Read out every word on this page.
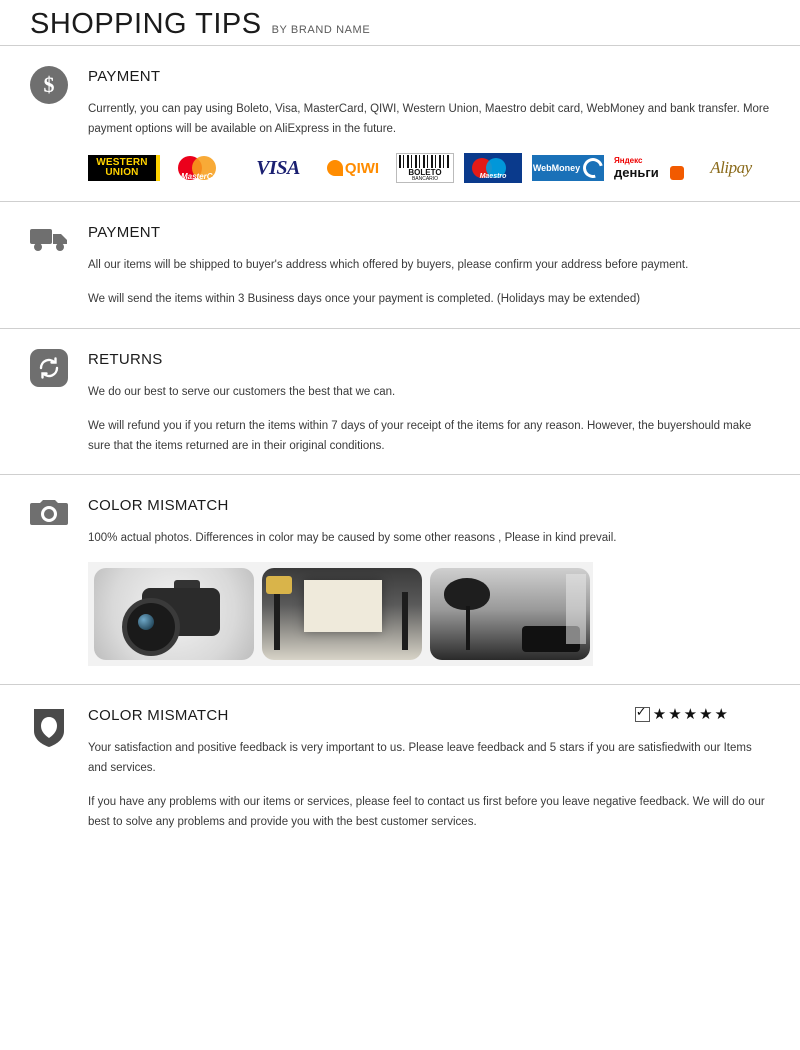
SHOPPING TIPS BY BRAND NAME
$	PAYMENT

Currently, you can pay using Boleto, Visa, MasterCard, QIWI, Western Union, Maestro debit card, WebMoney and bank transfer. More payment options will be available on AliExpress in the future.

WESTERN
UNION	MasterCard	VISA	QIWI	BOLETO
BANCARIO	Maestro
WebMoney
Яндекс
деньги	Alipay
PAYMENT

All our items will be shipped to buyer's address which offered by buyers, please confirm your address before payment.

We will send the items within 3 Business days once your payment is completed. (Holidays may be extended)

RETURNS

We do our best to serve our customers the best that we can.

We will refund you if you return the items within 7 days of your receipt of the items for any reason. However, the buyershould make sure that the items returned are in their original conditions.

COLOR MISMATCH

100% actual photos. Differences in color may be caused by some other reasons , Please in kind prevail.

COLOR MISMATCH

Your satisfaction and positive feedback is very important to us. Please leave feedback and 5 stars if you are satisfiedwith our Items and services.

If you have any problems with our items or services, please feel to contact us first before you leave negative feedback. We will do our best to solve any problems and provide you with the best customer services.

✓
★ ★ ★ ★ ★
